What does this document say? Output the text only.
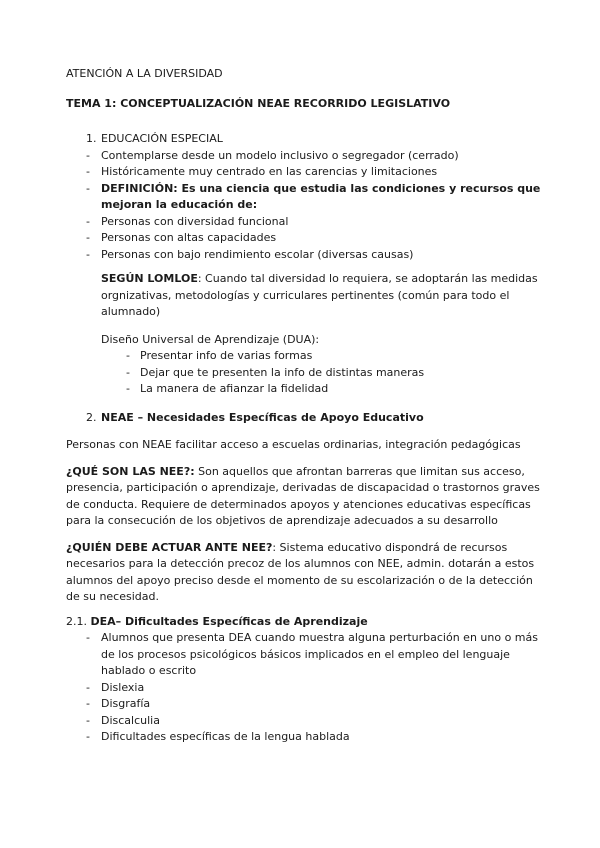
ATENCIÓN A LA DIVERSIDAD
TEMA 1: CONCEPTUALIZACIÓN NEAE RECORRIDO LEGISLATIVO
1. EDUCACIÓN ESPECIAL
-	Contemplarse desde un modelo inclusivo o segregador (cerrado)
-	Históricamente muy centrado en las carencias y limitaciones
-	DEFINICIÓN: Es una ciencia que estudia las condiciones y recursos que mejoran la educación de:
-	Personas con diversidad funcional
-	Personas con altas capacidades
-	Personas con bajo rendimiento escolar (diversas causas)

SEGÚN LOMLOE: Cuando tal diversidad lo requiera, se adoptarán las medidas orgnizativas, metodologías y curriculares pertinentes (común para todo el alumnado)

Diseño Universal de Aprendizaje (DUA):

- Presentar info de varias formas
- Dejar que te presenten la info de distintas maneras
- La manera de afianzar la fidelidad
2. NEAE – Necesidades Específicas de Apoyo Educativo

Personas con NEAE facilitar acceso a escuelas ordinarias, integración pedagógicas

¿QUÉ SON LAS NEE?: Son aquellos que afrontan barreras que limitan sus acceso, presencia, participación o aprendizaje, derivadas de discapacidad o trastornos graves de conducta. Requiere de determinados apoyos y atenciones educativas específicas para la consecución de los objetivos de aprendizaje adecuados a su desarrollo

¿QUIÉN DEBE ACTUAR ANTE NEE?: Sistema educativo dispondrá de recursos necesarios para la detección precoz de los alumnos con NEE, admin. dotarán a estos alumnos del apoyo preciso desde el momento de su escolarización o de la detección de su necesidad.

2.1. DEA– Dificultades Específicas de Aprendizaje
-	Alumnos que presenta DEA cuando muestra alguna perturbación en uno o más de los procesos psicológicos básicos implicados en el empleo del lenguaje hablado o escrito
-	Dislexia
-	Disgrafía
-	Discalculia
-	Dificultades específicas de la lengua hablada
